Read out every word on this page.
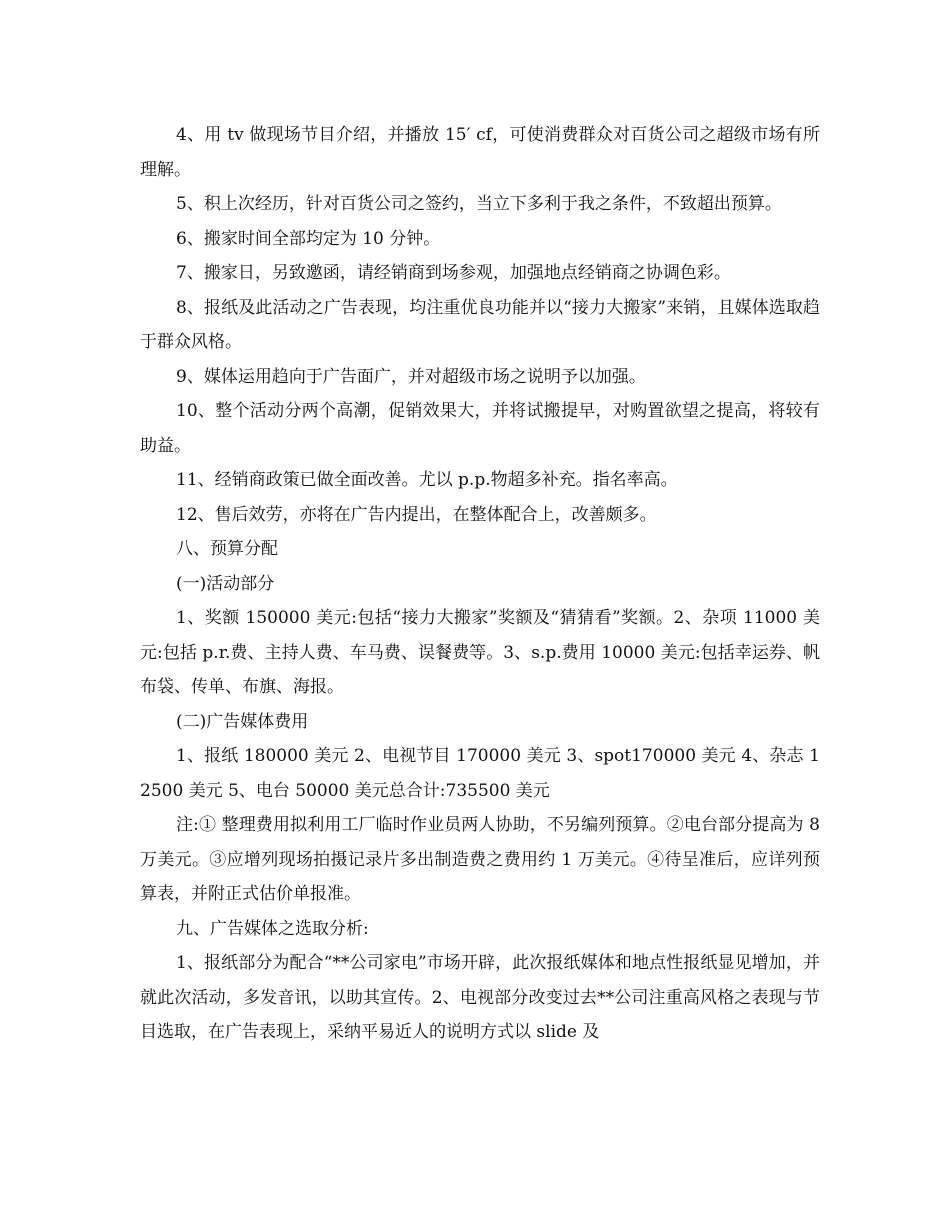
4、用 tv 做现场节目介绍，并播放 15′ cf，可使消费群众对百货公司之超级市场有所理解。

5、积上次经历，针对百货公司之签约，当立下多利于我之条件，不致超出预算。

6、搬家时间全部均定为 10 分钟。

7、搬家日，另致邀函，请经销商到场参观，加强地点经销商之协调色彩。

8、报纸及此活动之广告表现，均注重优良功能并以“接力大搬家”来销，且媒体选取趋于群众风格。

9、媒体运用趋向于广告面广，并对超级市场之说明予以加强。

10、整个活动分两个高潮，促销效果大，并将试搬提早，对购置欲望之提高，将较有助益。

11、经销商政策已做全面改善。尤以 p.p.物超多补充。指名率高。

12、售后效劳，亦将在广告内提出，在整体配合上，改善颇多。

八、预算分配

(一)活动部分

1、奖额 150000 美元:包括“接力大搬家”奖额及“猜猜看”奖额。2、杂项 11000 美元:包括 p.r.费、主持人费、车马费、误餐费等。3、s.p.费用 10000 美元:包括幸运券、帆布袋、传单、布旗、海报。

(二)广告媒体费用

1、报纸 180000 美元 2、电视节目 170000 美元 3、spot170000 美元 4、杂志 12500 美元 5、电台 50000 美元总合计:735500 美元

注:① 整理费用拟利用工厂临时作业员两人协助，不另编列预算。②电台部分提高为 8 万美元。③应增列现场拍摄记录片多出制造费之费用约 1 万美元。④待呈准后，应详列预算表，并附正式估价单报准。

九、广告媒体之选取分析:

1、报纸部分为配合“**公司家电”市场开辟，此次报纸媒体和地点性报纸显见增加，并就此次活动，多发音讯，以助其宣传。2、电视部分改变过去**公司注重高风格之表现与节目选取，在广告表现上，采纳平易近人的说明方式以 slide 及
